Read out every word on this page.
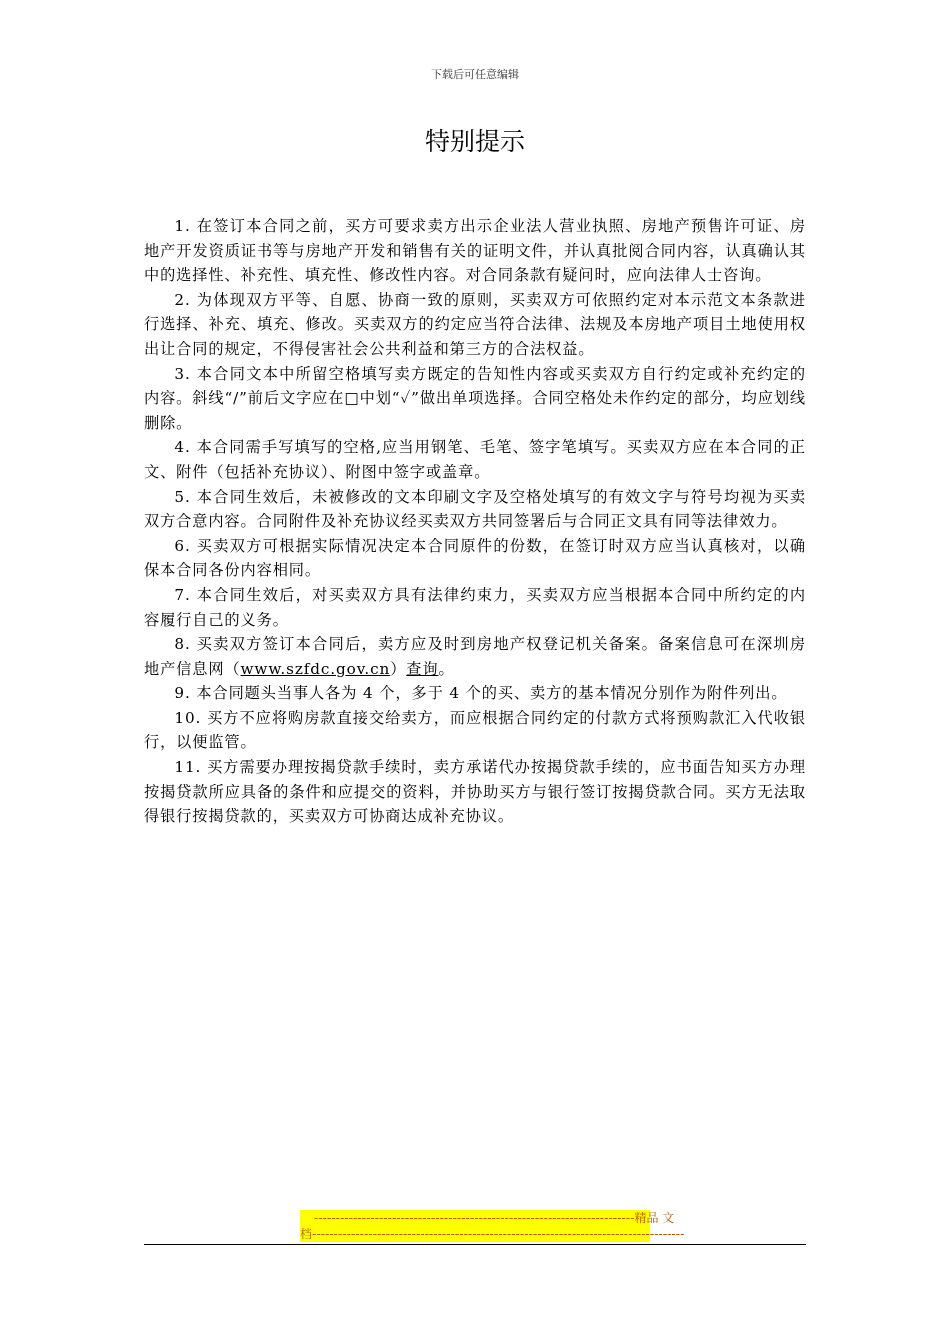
下载后可任意编辑
特别提示

1. 在签订本合同之前，买方可要求卖方出示企业法人营业执照、房地产预售许可证、房地产开发资质证书等与房地产开发和销售有关的证明文件，并认真批阅合同内容，认真确认其中的选择性、补充性、填充性、修改性内容。对合同条款有疑问时，应向法律人士咨询。

2. 为体现双方平等、自愿、协商一致的原则，买卖双方可依照约定对本示范文本条款进行选择、补充、填充、修改。买卖双方的约定应当符合法律、法规及本房地产项目土地使用权出让合同的规定，不得侵害社会公共利益和第三方的合法权益。

3. 本合同文本中所留空格填写卖方既定的告知性内容或买卖双方自行约定或补充约定的内容。斜线“/”前后文字应在□中划“✓”做出单项选择。合同空格处未作约定的部分，均应划线删除。

4. 本合同需手写填写的空格,应当用钢笔、毛笔、签字笔填写。买卖双方应在本合同的正文、附件（包括补充协议）、附图中签字或盖章。

5. 本合同生效后，未被修改的文本印刷文字及空格处填写的有效文字与符号均视为买卖双方合意内容。合同附件及补充协议经买卖双方共同签署后与合同正文具有同等法律效力。

6. 买卖双方可根据实际情况决定本合同原件的份数，在签订时双方应当认真核对，以确保本合同各份内容相同。

7. 本合同生效后，对买卖双方具有法律约束力，买卖双方应当根据本合同中所约定的内容履行自己的义务。

8. 买卖双方签订本合同后，卖方应及时到房地产权登记机关备案。备案信息可在深圳房地产信息网（www.szfdc.gov.cn）查询。

9. 本合同题头当事人各为 4 个，多于 4 个的买、卖方的基本情况分别作为附件列出。

10. 买方不应将购房款直接交给卖方，而应根据合同约定的付款方式将预购款汇入代收银行，以便监管。

11. 买方需要办理按揭贷款手续时，卖方承诺代办按揭贷款手续的，应书面告知买方办理按揭贷款所应具备的条件和应提交的资料，并协助买方与银行签订按揭贷款合同。买方无法取得银行按揭贷款的，买卖双方可协商达成补充协议。

--------------------------------------------------------------------------精品 文
档--------------------------------------------------------------------------------------
